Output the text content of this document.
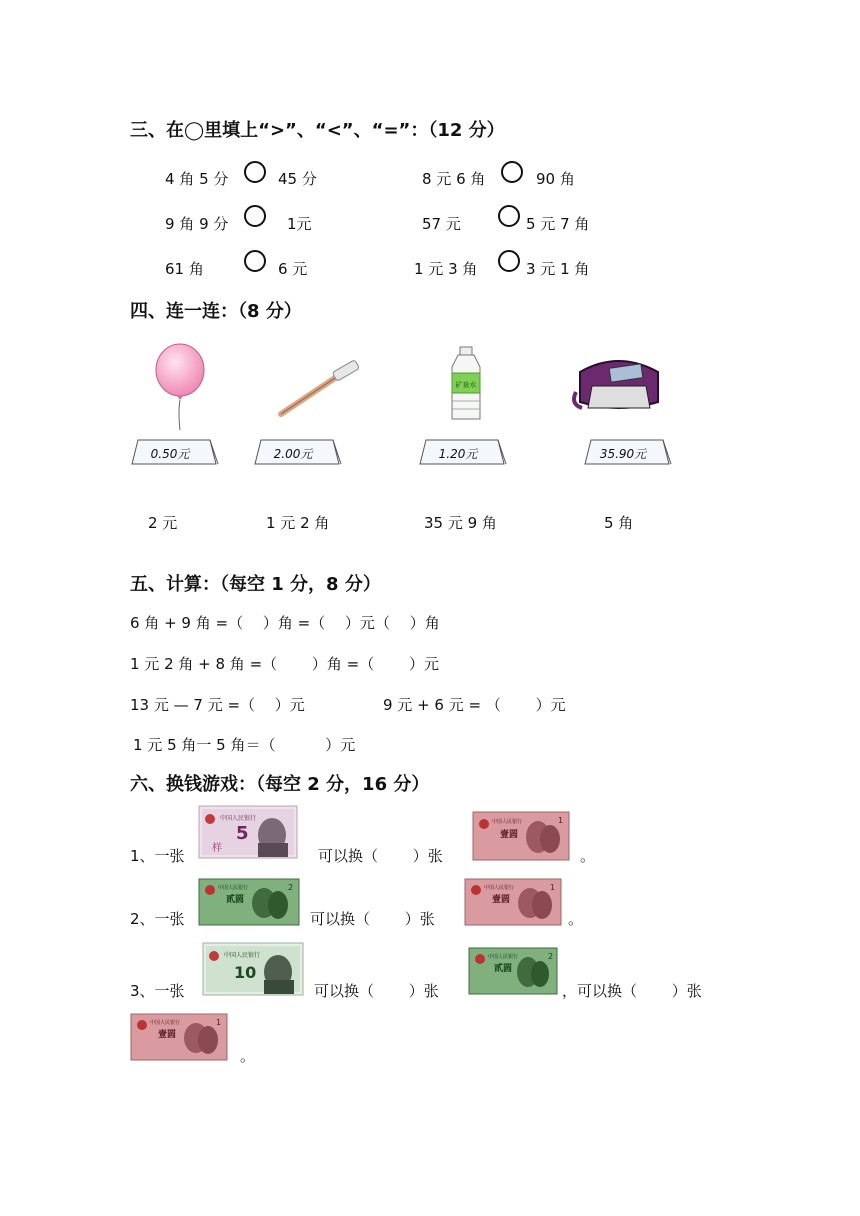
三、在◯里填上“>”、“<”、“=”：（12 分）
4 角 5 分	45 分	8 元 6 角	90 角
9 角 9 分	1元	57 元	5 元 7 角
61 角	6 元	1 元 3 角	3 元 1 角
四、连一连：（8 分）
矿泉水
0.50元	2.00元	1.20元	35.90元
2 元	1 元 2 角	35 元 9 角	5 角
五、计算：（每空 1 分，8 分）
6 角 + 9 角 =（　 ）角 =（　 ）元（　 ）角
1 元 2 角 + 8 角 =（　　 ）角 =（　　 ）元
13 元 — 7 元 =（　 ）元	9 元 + 6 元 = （　　 ）元
1 元 5 角一 5 角＝（　　　 ）元
六、换钱游戏：（每空 2 分，16 分）
1、一张	样
5
中国人民银行
可以换（　　 ）张
壹圆
中国人民银行	1
。
2、一张
贰圆
中国人民银行	2
可以换（　　 ）张
壹圆
中国人民银行	1
。
3、一张
中国人民银行
10
可以换（　　 ）张
贰圆
中国人民银行	2
，可以换（　　 ）张
壹圆
中国人民银行	1
。
